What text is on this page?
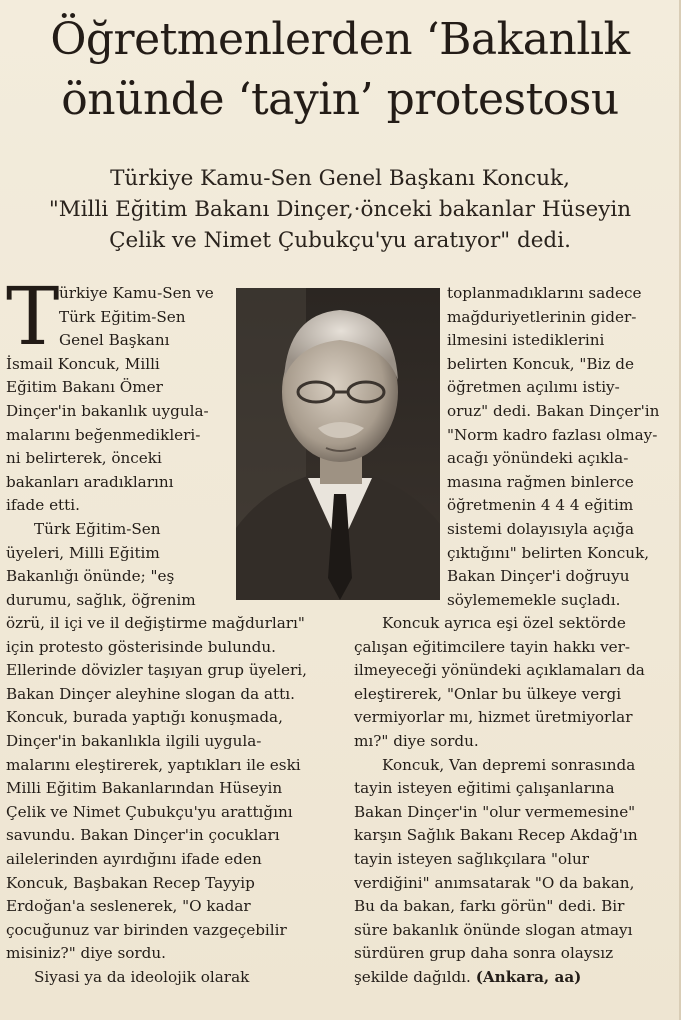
Öğretmenlerden ‘Bakanlık
önünde ‘tayin’ protestosu

Türkiye Kamu-Sen Genel Başkanı Koncuk,
"Milli Eğitim Bakanı Dinçer,·önceki bakanlar Hüseyin
Çelik ve Nimet Çubukçu'yu aratıyor" dedi.

T ürkiye Kamu-Sen ve
Türk Eğitim-Sen
Genel Başkanı
İsmail Koncuk, Milli
Eğitim Bakanı Ömer
Dinçer'in bakanlık uygula-
malarını beğenmedikleri-
ni belirterek, önceki
bakanları aradıklarını
ifade etti.
Türk Eğitim-Sen
üyeleri, Milli Eğitim
Bakanlığı önünde; "eş
durumu, sağlık, öğrenim
toplanmadıklarını sadece
mağduriyetlerinin gider-
ilmesini istediklerini
belirten Koncuk, "Biz de
öğretmen açılımı istiy-
oruz" dedi. Bakan Dinçer'in
"Norm kadro fazlası olmay-
acağı yönündeki açıkla-
masına rağmen binlerce
öğretmenin 4 4 4 eğitim
sistemi dolayısıyla açığa
çıktığını" belirten Koncuk,
Bakan Dinçer'i doğruyu
söylememekle suçladı.
özrü, il içi ve il değiştirme mağdurları"
için protesto gösterisinde bulundu.
Ellerinde dövizler taşıyan grup üyeleri,
Bakan Dinçer aleyhine slogan da attı.
Koncuk, burada yaptığı konuşmada,
Dinçer'in bakanlıkla ilgili uygula-
malarını eleştirerek, yaptıkları ile eski
Milli Eğitim Bakanlarından Hüseyin
Çelik ve Nimet Çubukçu'yu arattığını
savundu. Bakan Dinçer'in çocukları
ailelerinden ayırdığını ifade eden
Koncuk, Başbakan Recep Tayyip
Erdoğan'a seslenerek, "O kadar
çocuğunuz var birinden vazgeçebilir
misiniz?" diye sordu.
Siyasi ya da ideolojik olarak
Koncuk ayrıca eşi özel sektörde
çalışan eğitimcilere tayin hakkı ver-
ilmeyeceği yönündeki açıklamaları da
eleştirerek, "Onlar bu ülkeye vergi
vermiyorlar mı, hizmet üretmiyorlar
mı?" diye sordu.
Koncuk, Van depremi sonrasında
tayin isteyen eğitimi çalışanlarına
Bakan Dinçer'in "olur vermemesine"
karşın Sağlık Bakanı Recep Akdağ'ın
tayin isteyen sağlıkçılara "olur
verdiğini" anımsatarak "O da bakan,
Bu da bakan, farkı görün" dedi. Bir
süre bakanlık önünde slogan atmayı
sürdüren grup daha sonra olaysız
şekilde dağıldı. (Ankara, aa)
